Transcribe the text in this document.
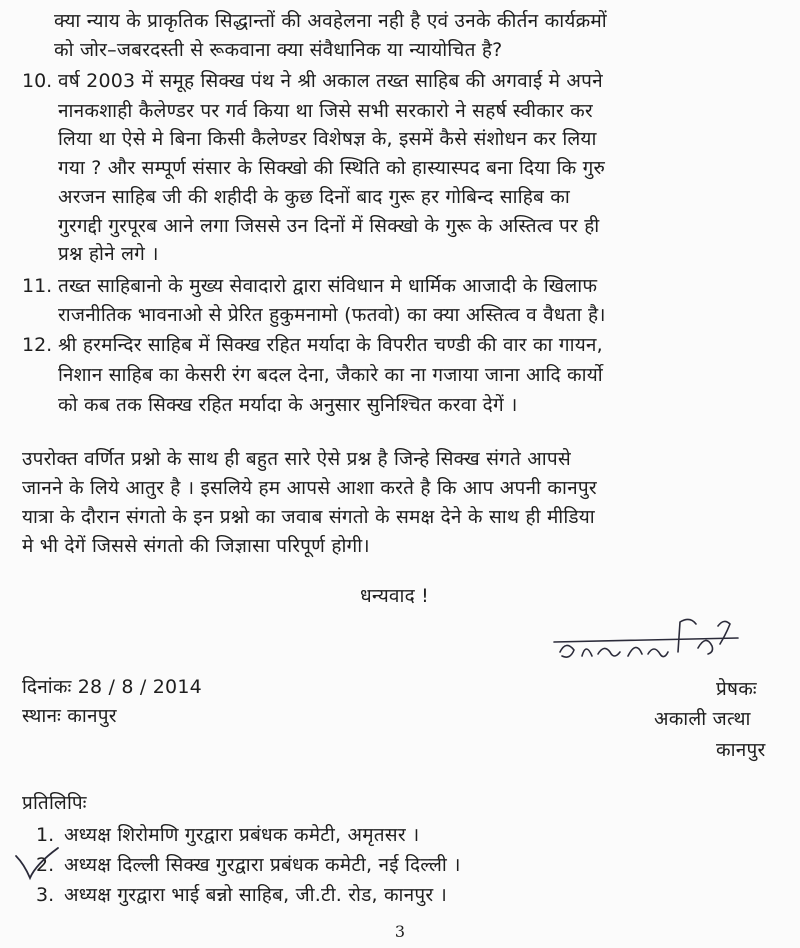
क्या न्याय के प्राकृतिक सिद्धान्तों की अवहेलना नही है एवं उनके कीर्तन कार्यक्रमों
को जोर–जबरदस्ती से रूकवाना क्या संवैधानिक या न्यायोचित है?
10. वर्ष 2003 में समूह सिक्ख पंथ ने श्री अकाल तख्त साहिब की अगवाई मे अपने
नानकशाही कैलेण्डर पर गर्व किया था जिसे सभी सरकारो ने सहर्ष स्वीकार कर
लिया था ऐसे मे बिना किसी कैलेण्डर विशेषज्ञ के, इसमें कैसे संशोधन कर लिया
गया ? और सम्पूर्ण संसार के सिक्खो की स्थिति को हास्यास्पद बना दिया कि गुरु
अरजन साहिब जी की शहीदी के कुछ दिनों बाद गुरू हर गोबिन्द साहिब का
गुरगद्दी गुरपूरब आने लगा जिससे उन दिनों में सिक्खो के गुरू के अस्तित्व पर ही
प्रश्न होने लगे ।
11. तख्त साहिबानो के मुख्य सेवादारो द्वारा संविधान मे धार्मिक आजादी के खिलाफ
राजनीतिक भावनाओ से प्रेरित हुकुमनामो (फतवो) का क्या अस्तित्व व वैधता है।
12. श्री हरमन्दिर साहिब में सिक्ख रहित मर्यादा के विपरीत चण्डी की वार का गायन,
निशान साहिब का केसरी रंग बदल देना, जैकारे का ना गजाया जाना आदि कार्यो
को कब तक सिक्ख रहित मर्यादा के अनुसार सुनिश्चित करवा देगें ।
उपरोक्त वर्णित प्रश्नो के साथ ही बहुत सारे ऐसे प्रश्न है जिन्हे सिक्ख संगते आपसे
जानने के लिये आतुर है । इसलिये हम आपसे आशा करते है कि आप अपनी कानपुर
यात्रा के दौरान संगतो के इन प्रश्नो का जवाब संगतो के समक्ष देने के साथ ही मीडिया
मे भी देगें जिससे संगतो की जिज्ञासा परिपूर्ण होगी।
धन्यवाद !
दिनांकः 28 / 8 / 2014
स्थानः कानपुर
प्रेषकः
अकाली जत्था
कानपुर
प्रतिलिपिः
1. अध्यक्ष शिरोमणि गुरद्वारा प्रबंधक कमेटी, अमृतसर ।
2. अध्यक्ष दिल्ली सिक्ख गुरद्वारा प्रबंधक कमेटी, नई दिल्ली ।
3. अध्यक्ष गुरद्वारा भाई बन्नो साहिब, जी.टी. रोड, कानपुर ।
3
